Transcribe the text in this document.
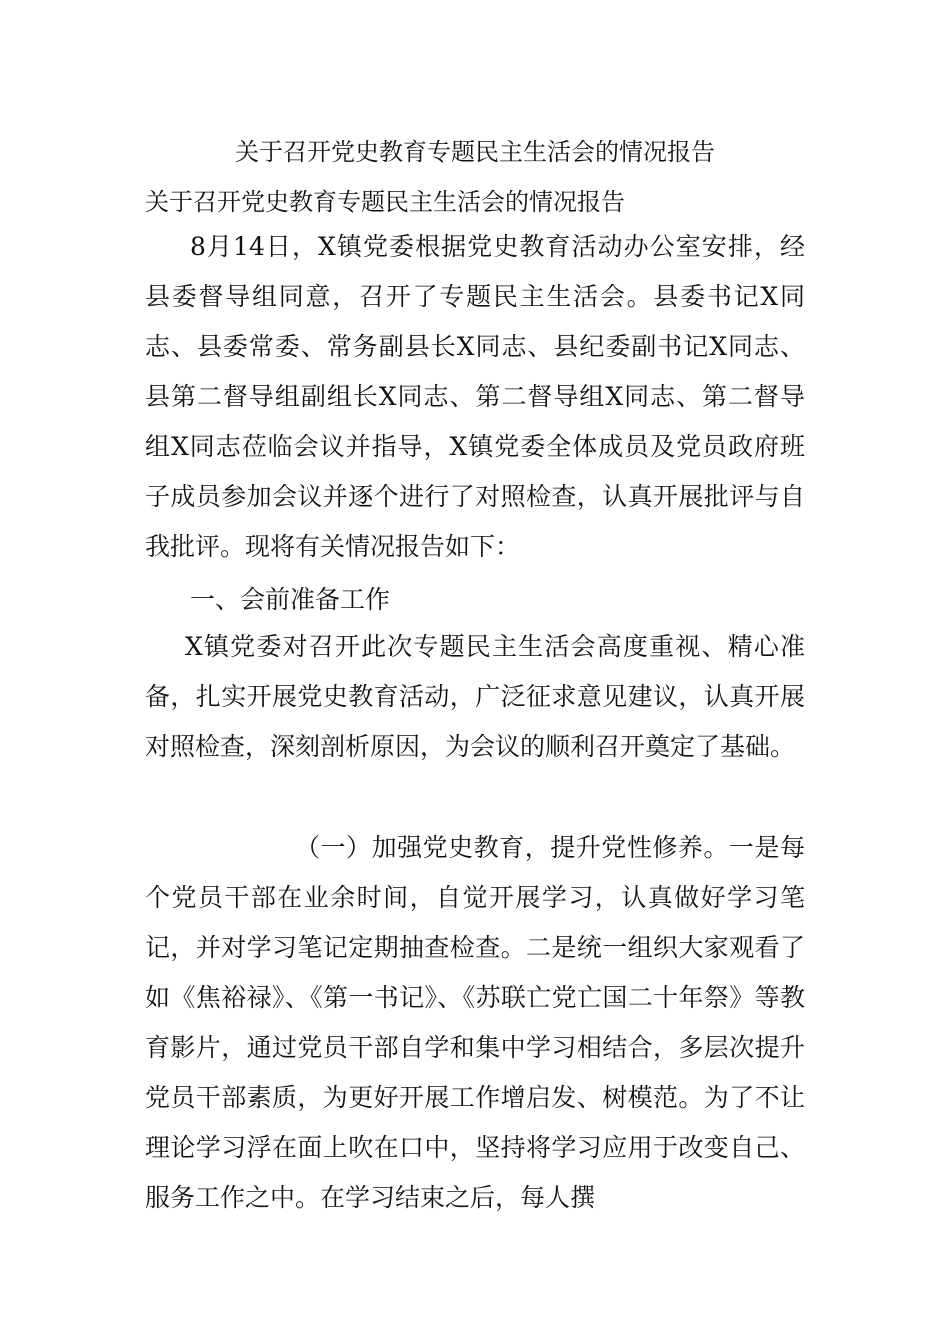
关于召开党史教育专题民主生活会的情况报告
关于召开党史教育专题民主生活会的情况报告

8月14日，X镇党委根据党史教育活动办公室安排，经县委督导组同意，召开了专题民主生活会。县委书记X同志、县委常委、常务副县长X同志、县纪委副书记X同志、县第二督导组副组长X同志、第二督导组X同志、第二督导组X同志莅临会议并指导，X镇党委全体成员及党员政府班子成员参加会议并逐个进行了对照检查，认真开展批评与自我批评。现将有关情况报告如下：

一、会前准备工作

X镇党委对召开此次专题民主生活会高度重视、精心准备，扎实开展党史教育活动，广泛征求意见建议，认真开展对照检查，深刻剖析原因，为会议的顺利召开奠定了基础。

（一）加强党史教育，提升党性修养。一是每个党员干部在业余时间，自觉开展学习，认真做好学习笔记，并对学习笔记定期抽查检查。二是统一组织大家观看了如《焦裕禄》、《第一书记》、《苏联亡党亡国二十年祭》等教育影片，通过党员干部自学和集中学习相结合，多层次提升党员干部素质，为更好开展工作增启发、树模范。为了不让理论学习浮在面上吹在口中，坚持将学习应用于改变自己、服务工作之中。在学习结束之后，每人撰
